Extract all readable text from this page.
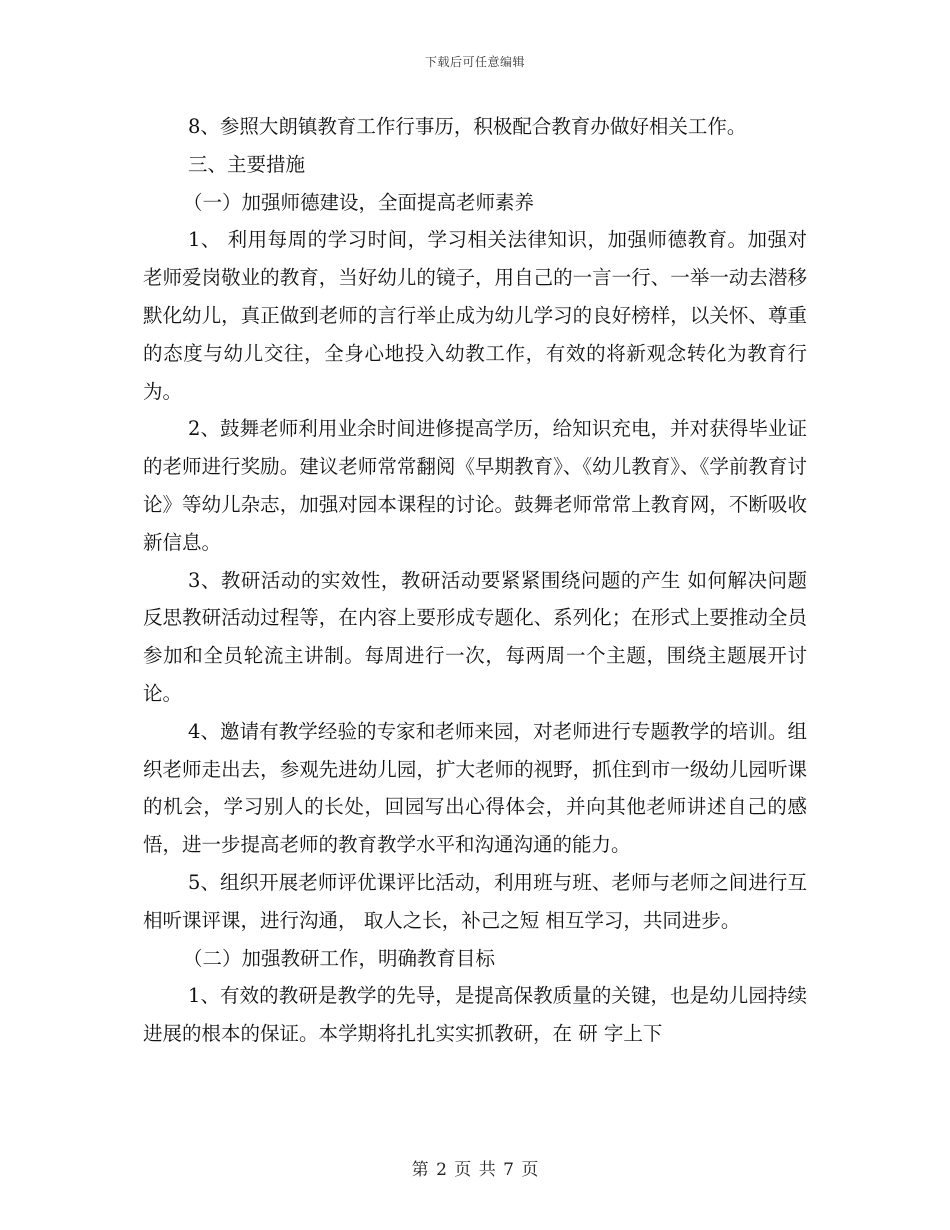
下载后可任意编辑

8、参照大朗镇教育工作行事历，积极配合教育办做好相关工作。

三、主要措施

（一）加强师德建设，全面提高老师素养

1、 利用每周的学习时间，学习相关法律知识，加强师德教育。加强对老师爱岗敬业的教育，当好幼儿的镜子，用自己的一言一行、一举一动去潜移默化幼儿，真正做到老师的言行举止成为幼儿学习的良好榜样，以关怀、尊重的态度与幼儿交往，全身心地投入幼教工作，有效的将新观念转化为教育行为。

2、鼓舞老师利用业余时间进修提高学历，给知识充电，并对获得毕业证的老师进行奖励。建议老师常常翻阅《早期教育》、《幼儿教育》、《学前教育讨论》等幼儿杂志，加强对园本课程的讨论。鼓舞老师常常上教育网，不断吸收新信息。

3、教研活动的实效性，教研活动要紧紧围绕问题的产生 如何解决问题 反思教研活动过程等，在内容上要形成专题化、系列化；在形式上要推动全员参加和全员轮流主讲制。每周进行一次，每两周一个主题，围绕主题展开讨论。

4、邀请有教学经验的专家和老师来园，对老师进行专题教学的培训。组织老师走出去，参观先进幼儿园，扩大老师的视野，抓住到市一级幼儿园听课的机会，学习别人的长处，回园写出心得体会，并向其他老师讲述自己的感悟，进一步提高老师的教育教学水平和沟通沟通的能力。

5、组织开展老师评优课评比活动，利用班与班、老师与老师之间进行互相听课评课，进行沟通， 取人之长，补己之短 相互学习，共同进步。

（二）加强教研工作，明确教育目标

1、有效的教研是教学的先导，是提高保教质量的关键，也是幼儿园持续进展的根本的保证。本学期将扎扎实实抓教研，在 研 字上下

第 2 页 共 7 页
